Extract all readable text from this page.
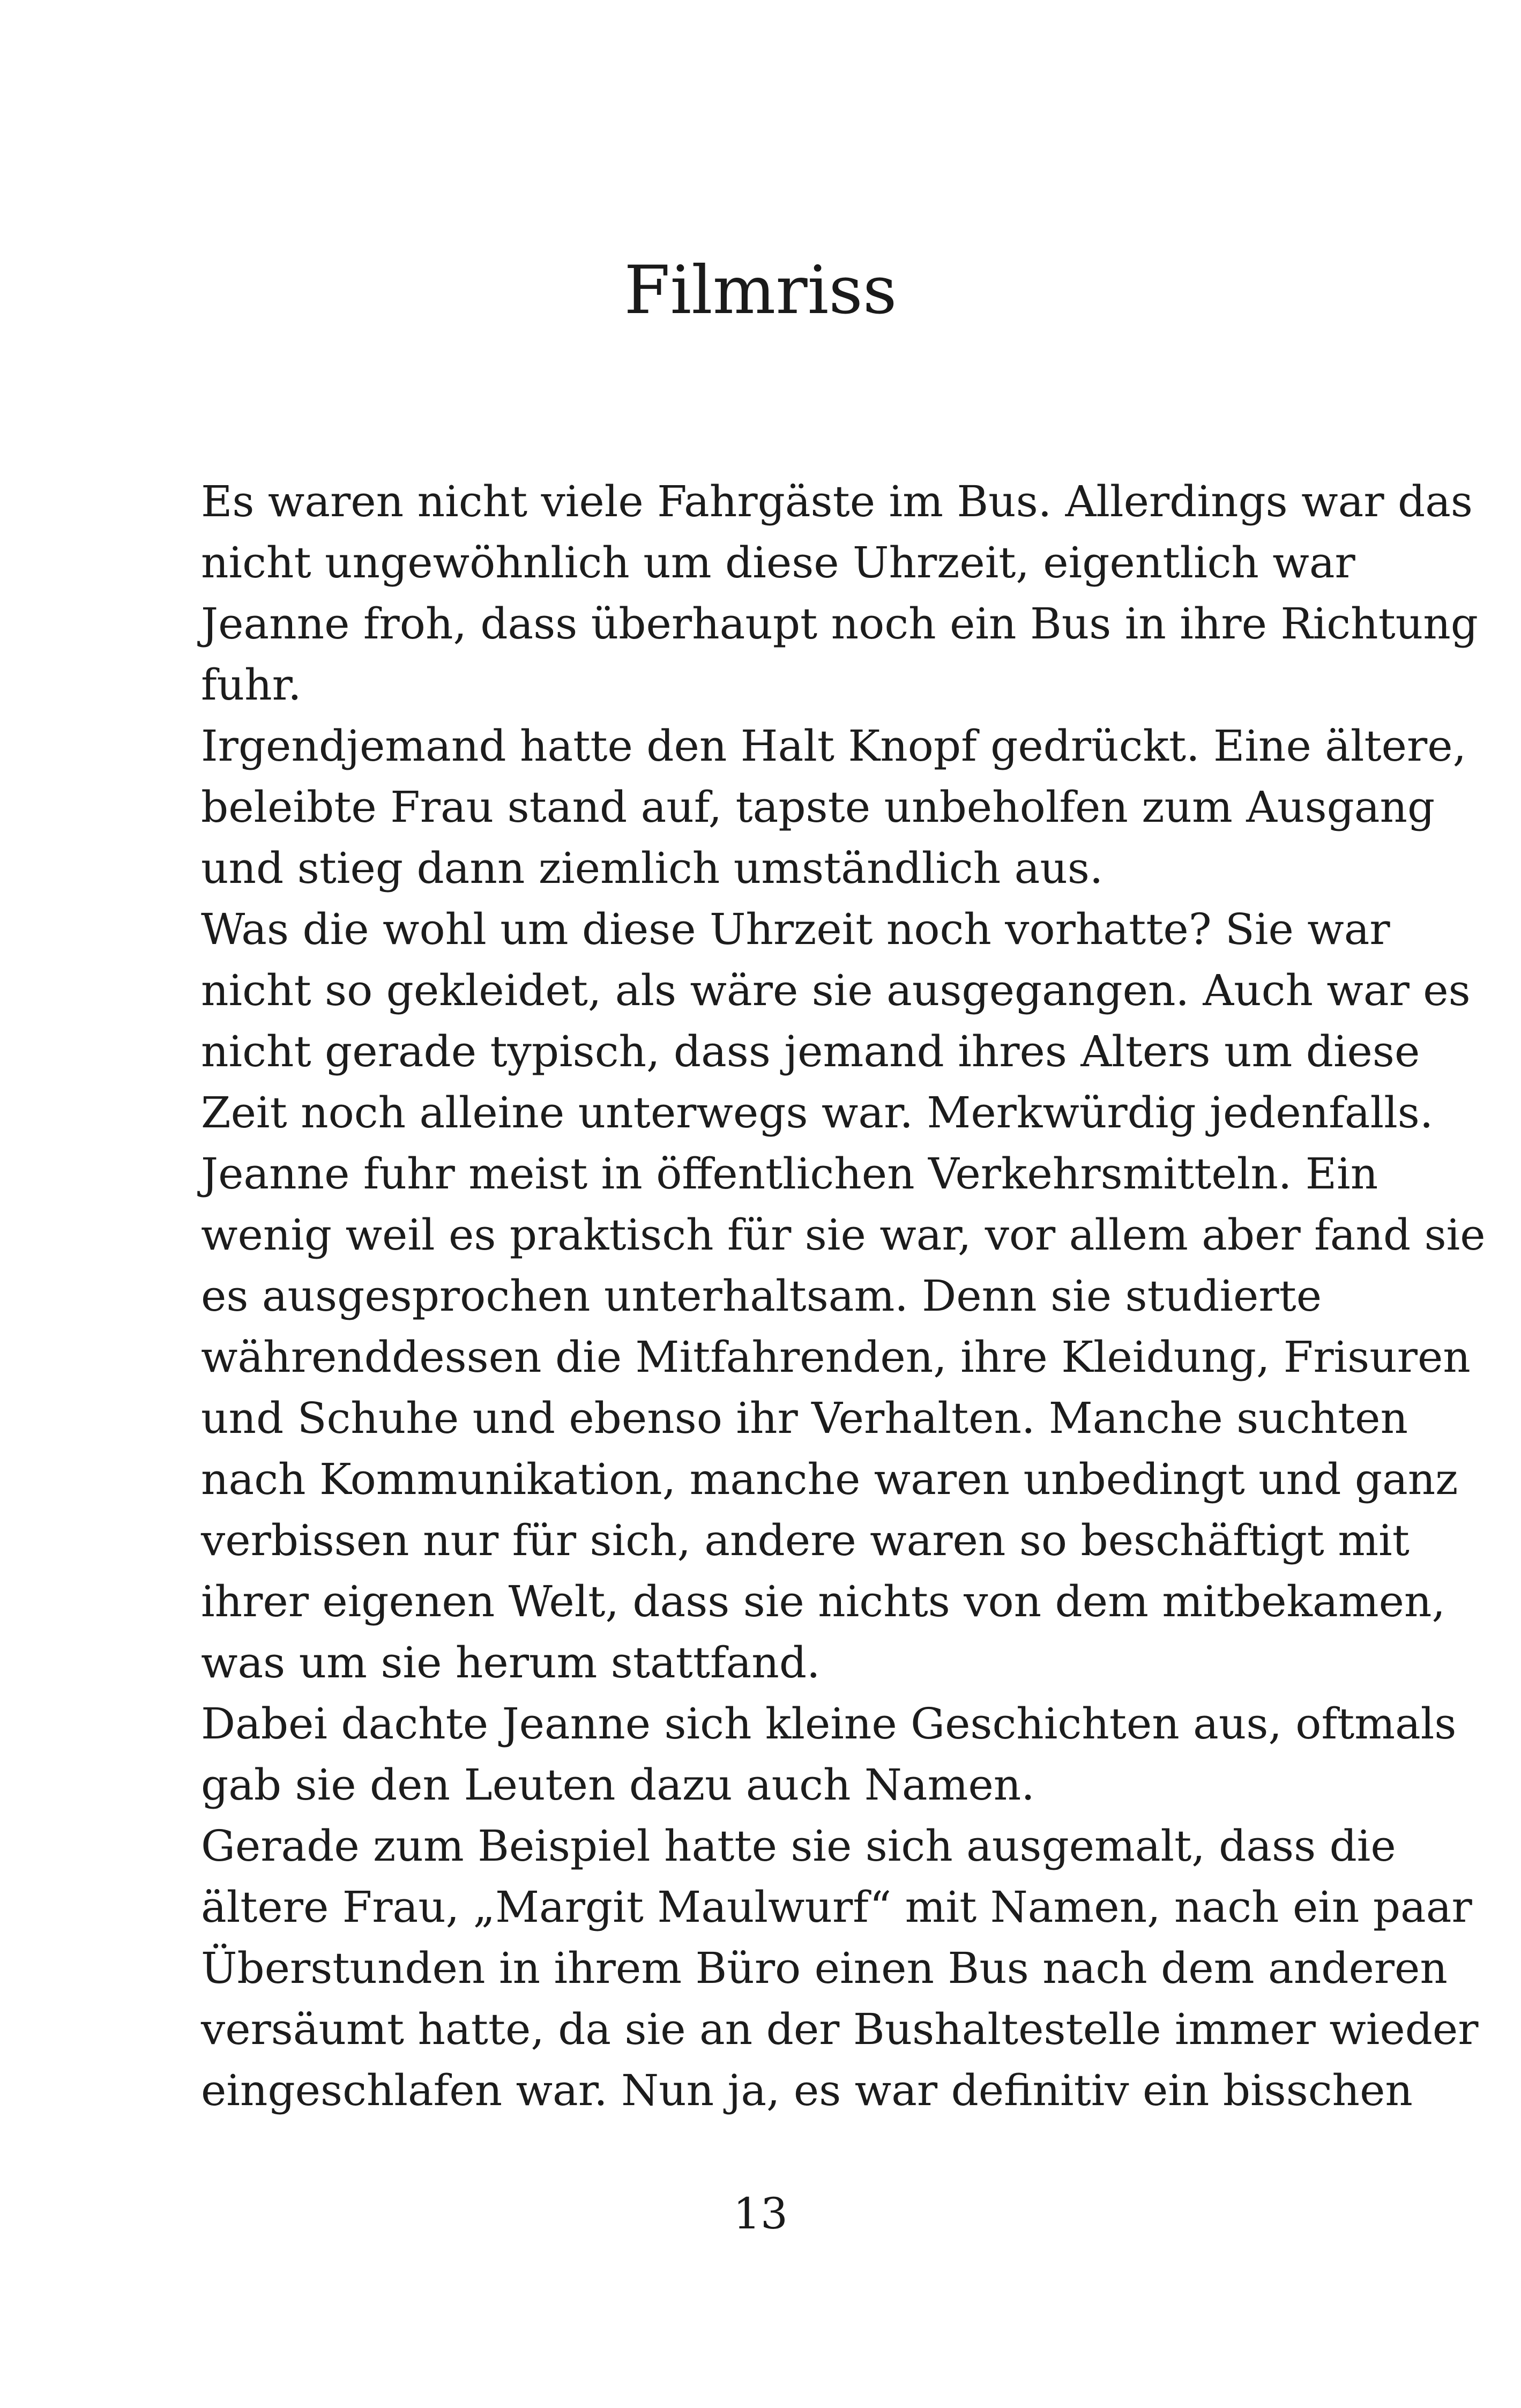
Filmriss
Es waren nicht viele Fahrgäste im Bus. Allerdings war das
nicht ungewöhnlich um diese Uhrzeit, eigentlich war
Jeanne froh, dass überhaupt noch ein Bus in ihre Richtung
fuhr.
Irgendjemand hatte den Halt Knopf gedrückt. Eine ältere,
beleibte Frau stand auf, tapste unbeholfen zum Ausgang
und stieg dann ziemlich umständlich aus.
Was die wohl um diese Uhrzeit noch vorhatte? Sie war
nicht so gekleidet, als wäre sie ausgegangen. Auch war es
nicht gerade typisch, dass jemand ihres Alters um diese
Zeit noch alleine unterwegs war. Merkwürdig jedenfalls.
Jeanne fuhr meist in öffentlichen Verkehrsmitteln. Ein
wenig weil es praktisch für sie war, vor allem aber fand sie
es ausgesprochen unterhaltsam. Denn sie studierte
währenddessen die Mitfahrenden, ihre Kleidung, Frisuren
und Schuhe und ebenso ihr Verhalten. Manche suchten
nach Kommunikation, manche waren unbedingt und ganz
verbissen nur für sich, andere waren so beschäftigt mit
ihrer eigenen Welt, dass sie nichts von dem mitbekamen,
was um sie herum stattfand.
Dabei dachte Jeanne sich kleine Geschichten aus, oftmals
gab sie den Leuten dazu auch Namen.
Gerade zum Beispiel hatte sie sich ausgemalt, dass die
ältere Frau, „Margit Maulwurf“ mit Namen, nach ein paar
Überstunden in ihrem Büro einen Bus nach dem anderen
versäumt hatte, da sie an der Bushaltestelle immer wieder
eingeschlafen war. Nun ja, es war definitiv ein bisschen

13
